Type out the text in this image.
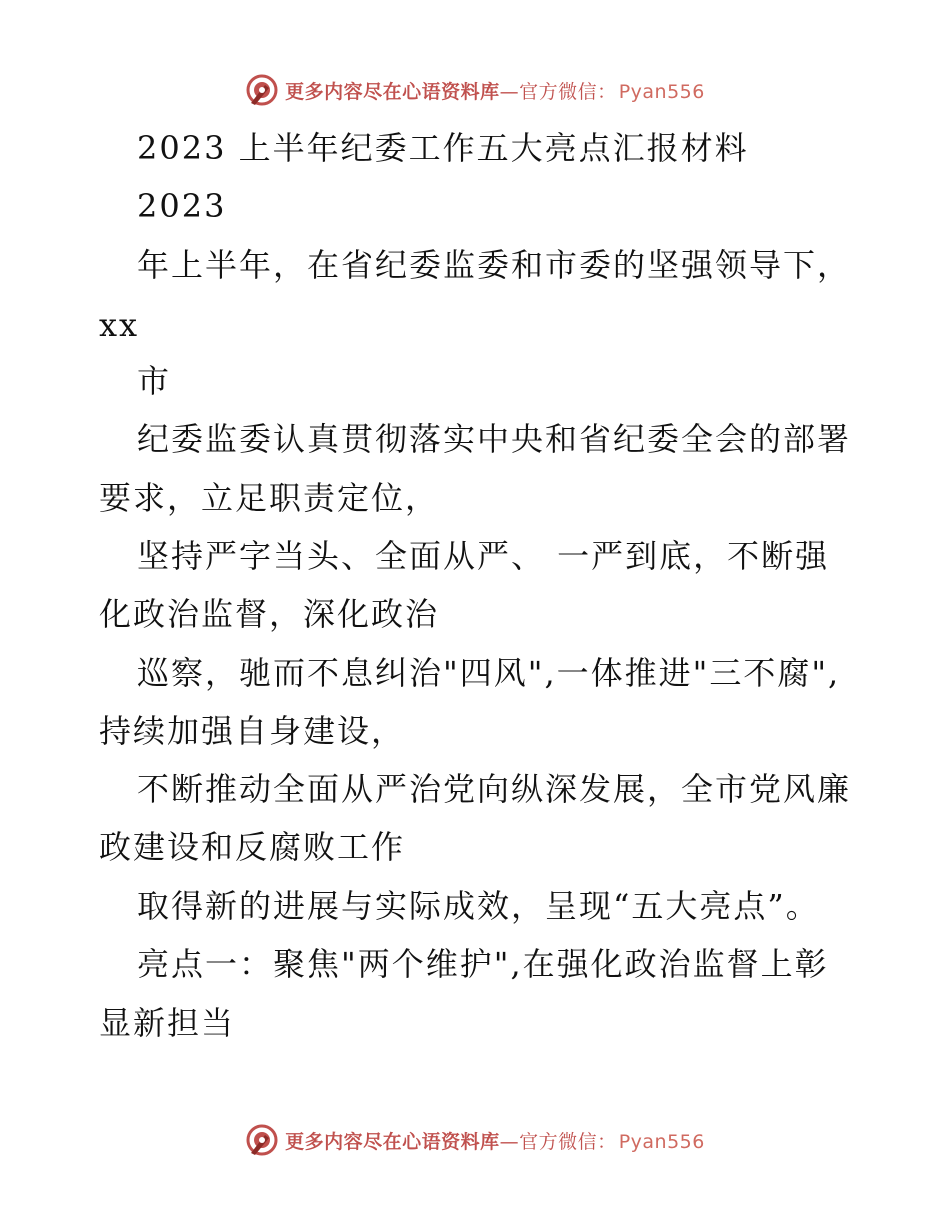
更多内容尽在心语资料库—官方微信： Pyan556
2023 上半年纪委工作五大亮点汇报材料
2023
年上半年，在省纪委监委和市委的坚强领导下，
xx
市
纪委监委认真贯彻落实中央和省纪委全会的部署
要求，立足职责定位，
坚持严字当头、全面从严、 一严到底，不断强
化政治监督，深化政治
巡察，驰而不息纠治"四风",一体推进"三不腐",
持续加强自身建设，
不断推动全面从严治党向纵深发展，全市党风廉
政建设和反腐败工作
取得新的进展与实际成效，呈现“五大亮点”。
亮点一：聚焦"两个维护",在强化政治监督上彰
显新担当
更多内容尽在心语资料库—官方微信： Pyan556
